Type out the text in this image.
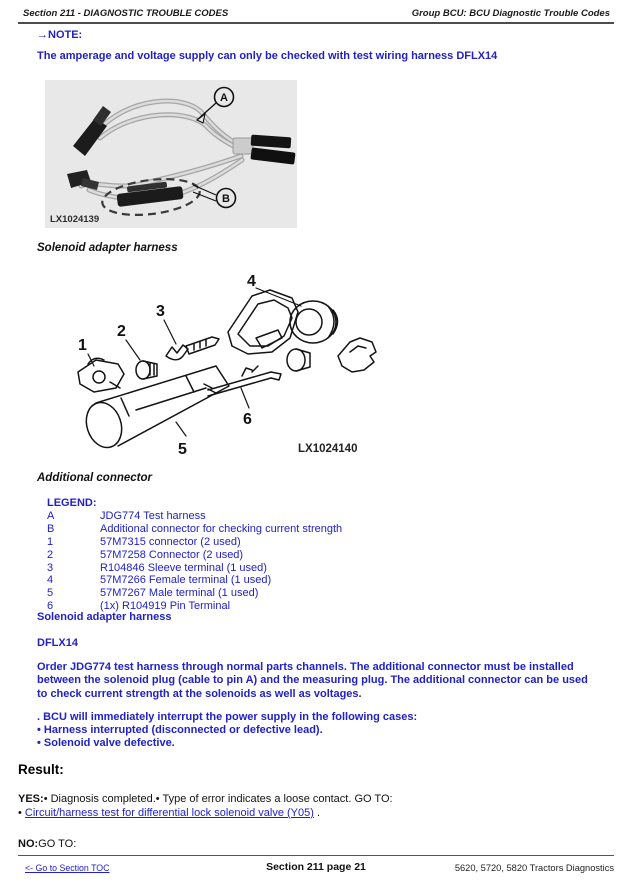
Section 211 - DIAGNOSTIC TROUBLE CODES	Group BCU: BCU Diagnostic Trouble Codes
→NOTE:
The amperage and voltage supply can only be checked with test wiring harness DFLX14
A
B
LX1024139
Solenoid adapter harness
1
2
3
4
5
6
LX1024140
Additional connector
LEGEND:
A	JDG774 Test harness
B	Additional connector for checking current strength
1	57M7315 connector (2 used)
2	57M7258 Connector (2 used)
3	R104846 Sleeve terminal (1 used)
4	57M7266 Female terminal (1 used)
5	57M7267 Male terminal (1 used)
6	(1x) R104919 Pin Terminal
Solenoid adapter harness
DFLX14
Order JDG774 test harness through normal parts channels. The additional connector must be installed between the solenoid plug (cable to pin A) and the measuring plug. The additional connector can be used to check current strength at the solenoids as well as voltages.
. BCU will immediately interrupt the power supply in the following cases:
• Harness interrupted (disconnected or defective lead).
• Solenoid valve defective.
Result:
YES:• Diagnosis completed.• Type of error indicates a loose contact. GO TO:
• Circuit/harness test for differential lock solenoid valve (Y05) .
NO:GO TO:
<- Go to Section TOC	Section 211 page 21	5620, 5720, 5820 Tractors Diagnostics
